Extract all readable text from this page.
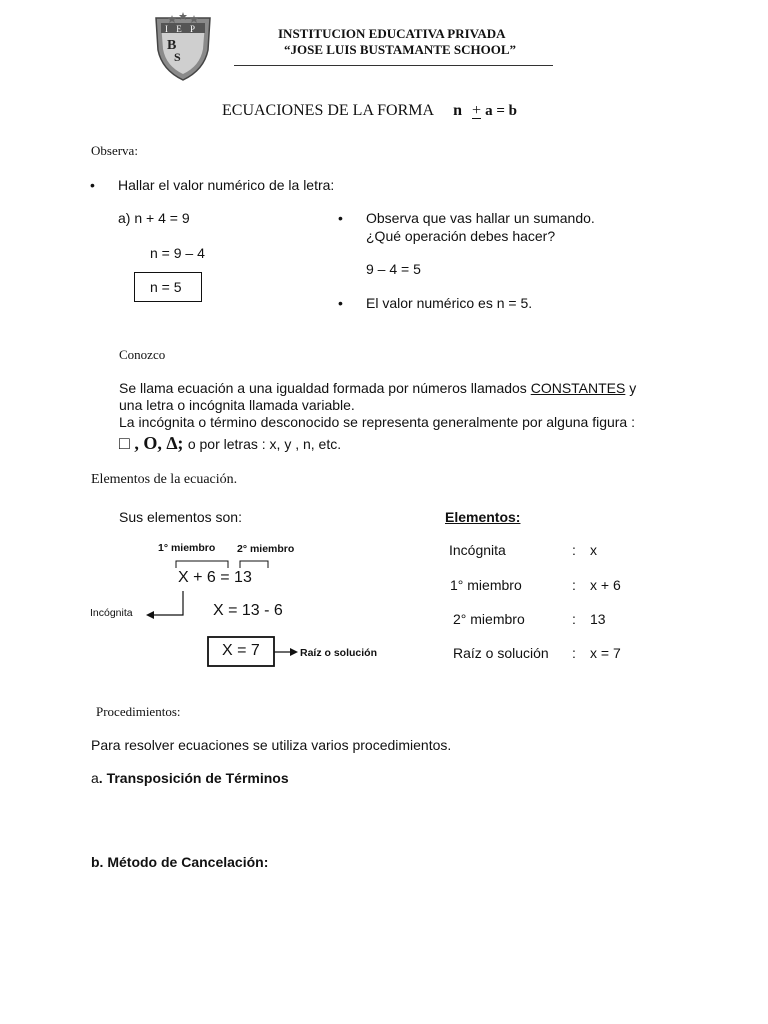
I E P
B
S
INSTITUCION EDUCATIVA PRIVADA
“JOSE LUIS BUSTAMANTE SCHOOL”
ECUACIONES DE LA FORMA n + a = b
Observa:
• Hallar el valor numérico de la letra:
a) n + 4 = 9
n = 9 – 4
n = 5
• Observa que vas hallar un sumando.
¿Qué operación debes hacer?
9 – 4 = 5
• El valor numérico es n = 5.
Conozco
Se llama ecuación a una igualdad formada por números llamados CONSTANTES y
una letra o incógnita llamada variable.
La incógnita o término desconocido se representa generalmente por alguna figura :
□ , O, ∆; o por letras : x, y , n, etc.
Elementos de la ecuación.
Sus elementos son:	Elementos:
Incógnita	: x
1° miembro	: x + 6
2° miembro	: 13
Raíz o solución : x = 7
1° miembro 2° miembro
X + 6 = 13
Incógnita	X = 13 - 6
X = 7	Raíz o solución
Procedimientos:
Para resolver ecuaciones se utiliza varios procedimientos.
a. Transposición de Términos
b. Método de Cancelación:
